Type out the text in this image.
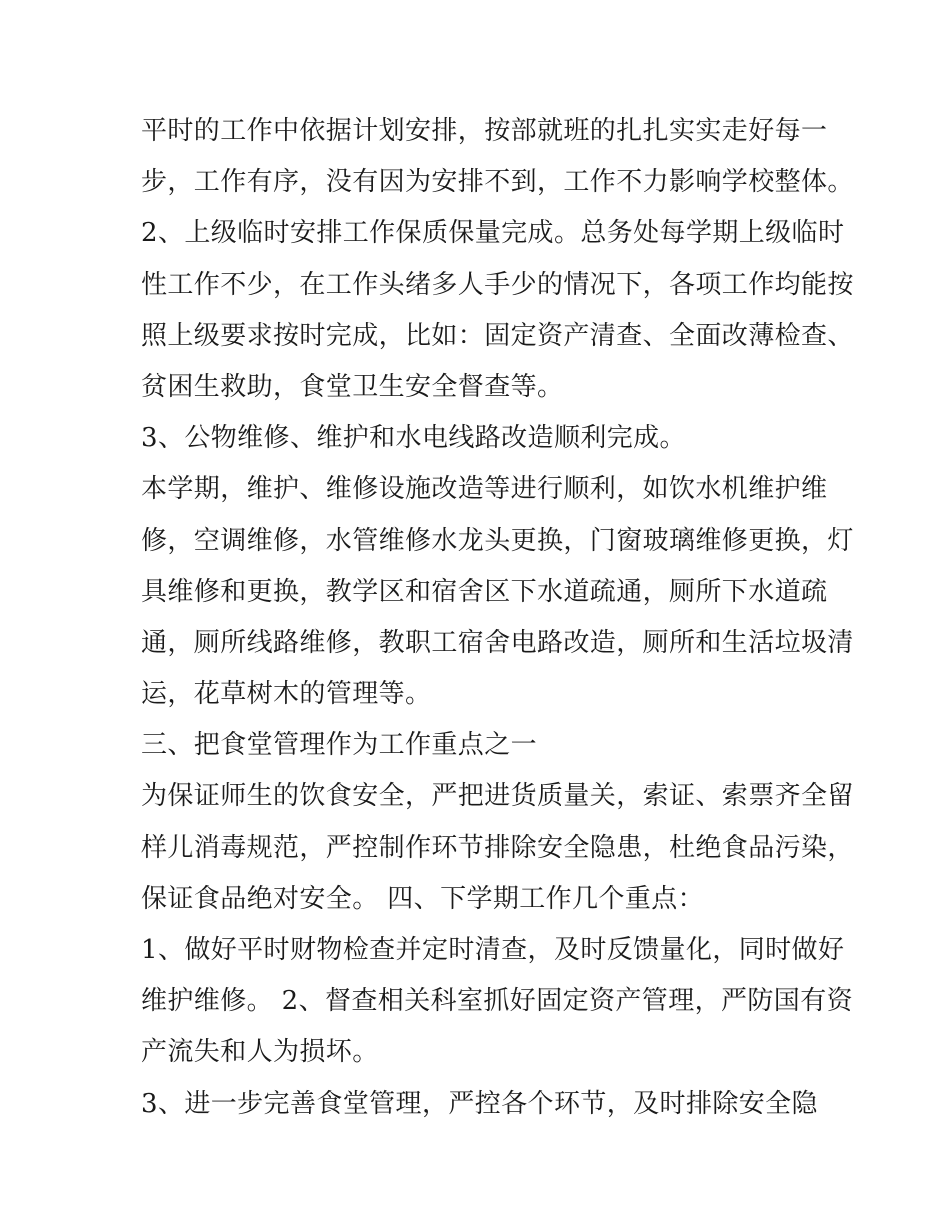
平时的工作中依据计划安排，按部就班的扎扎实实走好每一
步，工作有序，没有因为安排不到，工作不力影响学校整体。
2、上级临时安排工作保质保量完成。总务处每学期上级临时
性工作不少，在工作头绪多人手少的情况下，各项工作均能按
照上级要求按时完成，比如：固定资产清查、全面改薄检查、
贫困生救助，食堂卫生安全督查等。
3、公物维修、维护和水电线路改造顺利完成。
本学期，维护、维修设施改造等进行顺利，如饮水机维护维
修，空调维修，水管维修水龙头更换，门窗玻璃维修更换，灯
具维修和更换，教学区和宿舍区下水道疏通，厕所下水道疏
通，厕所线路维修，教职工宿舍电路改造，厕所和生活垃圾清
运，花草树木的管理等。
三、把食堂管理作为工作重点之一
为保证师生的饮食安全，严把进货质量关，索证、索票齐全留
样儿消毒规范，严控制作环节排除安全隐患，杜绝食品污染，
保证食品绝对安全。 四、下学期工作几个重点：
1、做好平时财物检查并定时清查，及时反馈量化，同时做好
维护维修。 2、督查相关科室抓好固定资产管理，严防国有资
产流失和人为损坏。
3、进一步完善食堂管理，严控各个环节，及时排除安全隐
